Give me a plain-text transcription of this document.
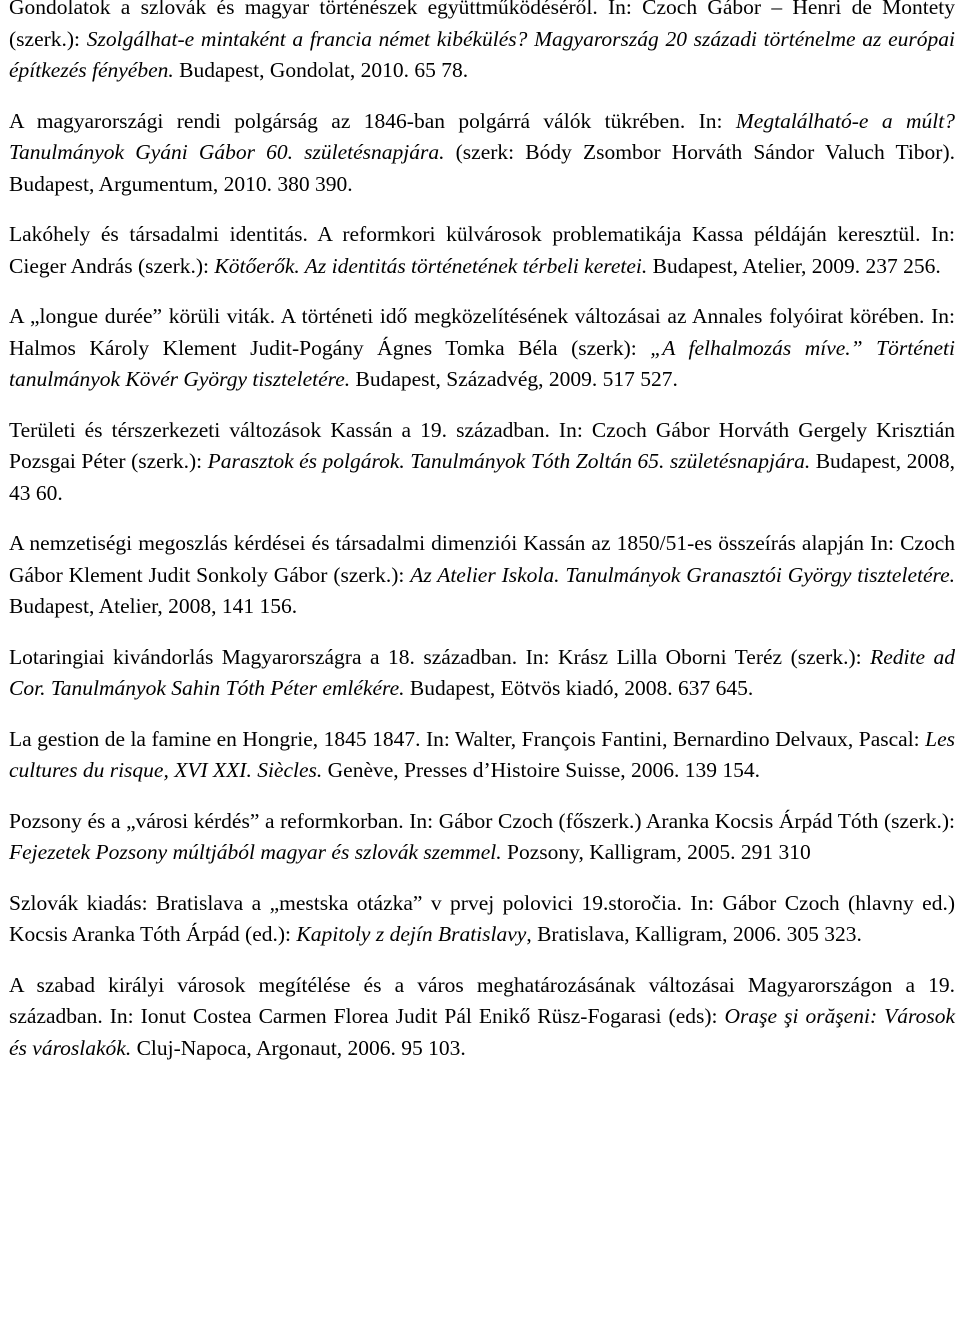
Gondolatok a szlovák és magyar történészek együttműködéséről. In: Czoch Gábor – Henri de Montety (szerk.): Szolgálhat-e mintaként a francia német kibékülés? Magyarország 20 századi történelme az európai építkezés fényében. Budapest, Gondolat, 2010. 65 78.

A magyarországi rendi polgárság az 1846-ban polgárrá válók tükrében. In: Megtalálható-e a múlt? Tanulmányok Gyáni Gábor 60. születésnapjára. (szerk: Bódy Zsombor Horváth Sándor Valuch Tibor). Budapest, Argumentum, 2010. 380 390.

Lakóhely és társadalmi identitás. A reformkori külvárosok problematikája Kassa példáján keresztül. In: Cieger András (szerk.): Kötőerők. Az identitás történetének térbeli keretei. Budapest, Atelier, 2009. 237 256.

A „longue durée” körüli viták. A történeti idő megközelítésének változásai az Annales folyóirat körében. In: Halmos Károly Klement Judit-Pogány Ágnes Tomka Béla (szerk): „A felhalmozás míve.” Történeti tanulmányok Kövér György tiszteletére. Budapest, Századvég, 2009. 517 527.

Területi és térszerkezeti változások Kassán a 19. században. In: Czoch Gábor Horváth Gergely Krisztián Pozsgai Péter (szerk.): Parasztok és polgárok. Tanulmányok Tóth Zoltán 65. születésnapjára. Budapest, 2008, 43 60.

A nemzetiségi megoszlás kérdései és társadalmi dimenziói Kassán az 1850/51-es összeírás alapján In: Czoch Gábor Klement Judit Sonkoly Gábor (szerk.): Az Atelier Iskola. Tanulmányok Granasztói György tiszteletére. Budapest, Atelier, 2008, 141 156.

Lotaringiai kivándorlás Magyarországra a 18. században. In: Krász Lilla Oborni Teréz (szerk.): Redite ad Cor. Tanulmányok Sahin Tóth Péter emlékére. Budapest, Eötvös kiadó, 2008. 637 645.

La gestion de la famine en Hongrie, 1845 1847. In: Walter, François Fantini, Bernardino Delvaux, Pascal: Les cultures du risque, XVI XXI. Siècles. Genève, Presses d’Histoire Suisse, 2006. 139 154.

Pozsony és a „városi kérdés” a reformkorban. In: Gábor Czoch (főszerk.) Aranka Kocsis Árpád Tóth (szerk.): Fejezetek Pozsony múltjából magyar és szlovák szemmel. Pozsony, Kalligram, 2005. 291 310

Szlovák kiadás: Bratislava a „mestska otázka” v prvej polovici 19.storočia. In: Gábor Czoch (hlavny ed.) Kocsis Aranka Tóth Árpád (ed.): Kapitoly z dejín Bratislavy, Bratislava, Kalligram, 2006. 305 323.

A szabad királyi városok megítélése és a város meghatározásának változásai Magyarországon a 19. században. In: Ionut Costea Carmen Florea Judit Pál Enikő Rüsz-Fogarasi (eds): Oraşe şi orăşeni: Városok és városlakók. Cluj-Napoca, Argonaut, 2006. 95 103.
